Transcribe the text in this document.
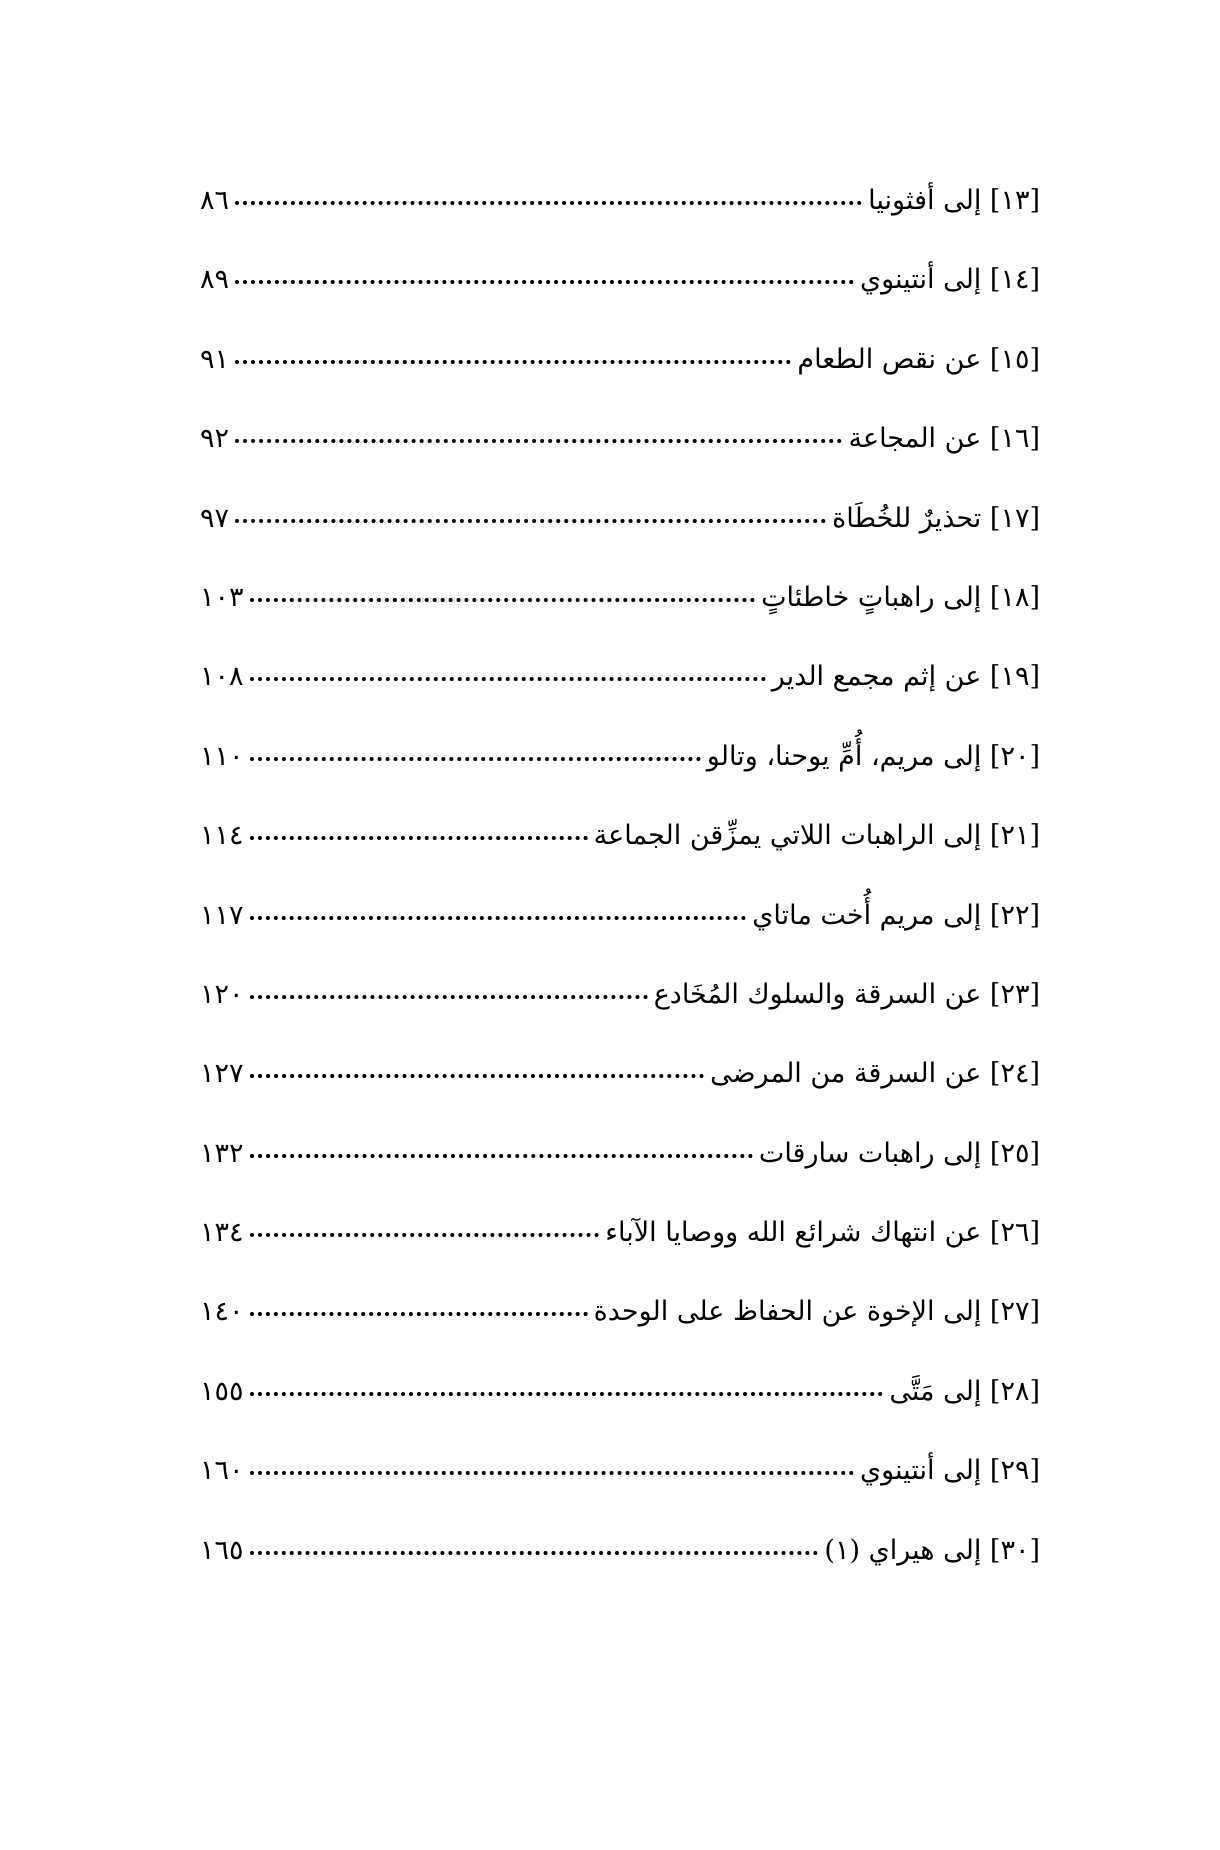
[١٣] إلى أفثونيا
٨٦
[١٤] إلى أنتينوي
٨٩
[١٥] عن نقص الطعام
٩١
[١٦] عن المجاعة
٩٢
[١٧] تحذيرٌ للخُطَاة
٩٧
[١٨] إلى راهباتٍ خاطئاتٍ
١٠٣
[١٩] عن إثم مجمع الدير
١٠٨
[٢٠] إلى مريم، أُمِّ يوحنا، وتالو
١١٠
[٢١] إلى الراهبات اللاتي يمزِّقن الجماعة
١١٤
[٢٢] إلى مريم أُخت ماتاي
١١٧
[٢٣] عن السرقة والسلوك المُخَادع
١٢٠
[٢٤] عن السرقة من المرضى
١٢٧
[٢٥] إلى راهبات سارقات
١٣٢
[٢٦] عن انتهاك شرائع الله ووصايا الآباء
١٣٤
[٢٧] إلى الإخوة عن الحفاظ على الوحدة
١٤٠
[٢٨] إلى مَتَّى
١٥٥
[٢٩] إلى أنتينوي
١٦٠
[٣٠] إلى هيراي (١)
١٦٥
